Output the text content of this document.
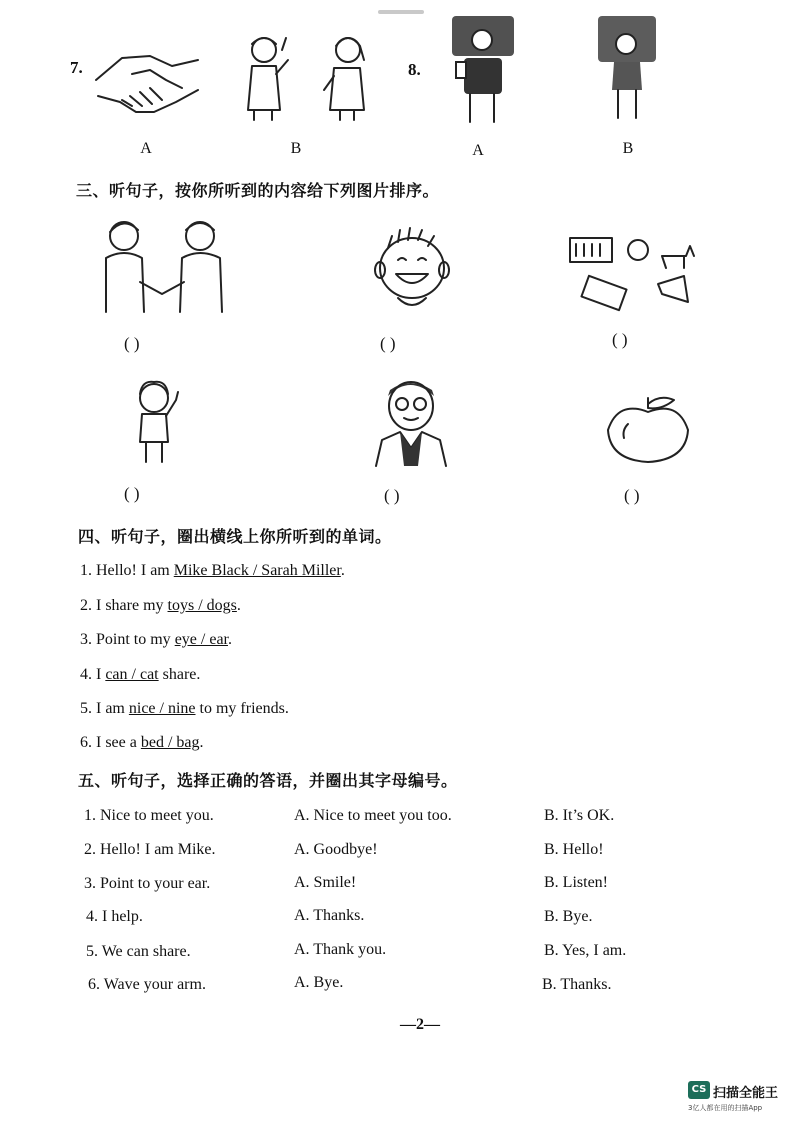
7.
A	B
8.
A	B
三、听句子，按你所听到的内容给下列图片排序。
( )	( )	( )
( )	( )	( )
四、听句子，圈出横线上你所听到的单词。
1. Hello! I am Mike Black / Sarah Miller.
2. I share my toys / dogs.
3. Point to my eye / ear.
4. I can / cat share.
5. I am nice / nine to my friends.
6. I see a bed / bag.
五、听句子，选择正确的答语，并圈出其字母编号。
1. Nice to meet you.	A. Nice to meet you too.	B. It’s OK.
2. Hello! I am Mike.	A. Goodbye!	B. Hello!
3. Point to your ear.	A. Smile!	B. Listen!
4. I help.	A. Thanks.	B. Bye.
5. We can share.	A. Thank you.	B. Yes, I am.
6. Wave your arm.	A. Bye.	B. Thanks.
—2—
CS 扫描全能王
3亿人都在用的扫描App
